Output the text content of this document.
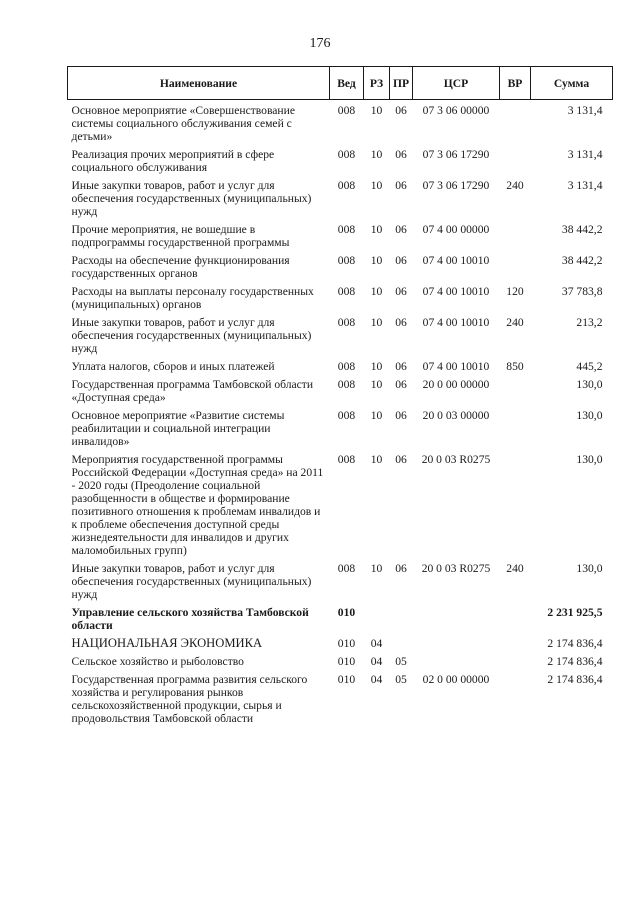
176
Наименование	Вед	РЗ	ПР	ЦСР	ВР	Сумма
Основное мероприятие «Совершенствование системы социального обслуживания семей с детьми»	008	10	06	07 3 06 00000		3 131,4
Реализация прочих мероприятий в сфере социального обслуживания	008	10	06	07 3 06 17290		3 131,4
Иные закупки товаров, работ и услуг для обеспечения государственных (муниципальных) нужд	008	10	06	07 3 06 17290	240	3 131,4
Прочие мероприятия, не вошедшие в подпрограммы государственной программы	008	10	06	07 4 00 00000		38 442,2
Расходы на обеспечение функционирования государственных органов	008	10	06	07 4 00 10010		38 442,2
Расходы на выплаты персоналу государственных (муниципальных) органов	008	10	06	07 4 00 10010	120	37 783,8
Иные закупки товаров, работ и услуг для обеспечения государственных (муниципальных) нужд	008	10	06	07 4 00 10010	240	213,2
Уплата налогов, сборов и иных платежей	008	10	06	07 4 00 10010	850	445,2
Государственная программа Тамбовской области «Доступная среда»	008	10	06	20 0 00 00000		130,0
Основное мероприятие «Развитие системы реабилитации и социальной интеграции инвалидов»	008	10	06	20 0 03 00000		130,0
Мероприятия государственной программы Российской Федерации «Доступная среда» на 2011 - 2020 годы (Преодоление социальной разобщенности в обществе и формирование позитивного отношения к проблемам инвалидов и к проблеме обеспечения доступной среды жизнедеятельности для инвалидов и других маломобильных групп)	008	10	06	20 0 03 R0275		130,0
Иные закупки товаров, работ и услуг для обеспечения государственных (муниципальных) нужд	008	10	06	20 0 03 R0275	240	130,0
Управление сельского хозяйства Тамбовской области	010					2 231 925,5
НАЦИОНАЛЬНАЯ ЭКОНОМИКА	010	04				2 174 836,4
Сельское хозяйство и рыболовство	010	04	05			2 174 836,4
Государственная программа развития сельского хозяйства и регулирования рынков сельскохозяйственной продукции, сырья и продовольствия Тамбовской области	010	04	05	02 0 00 00000		2 174 836,4
